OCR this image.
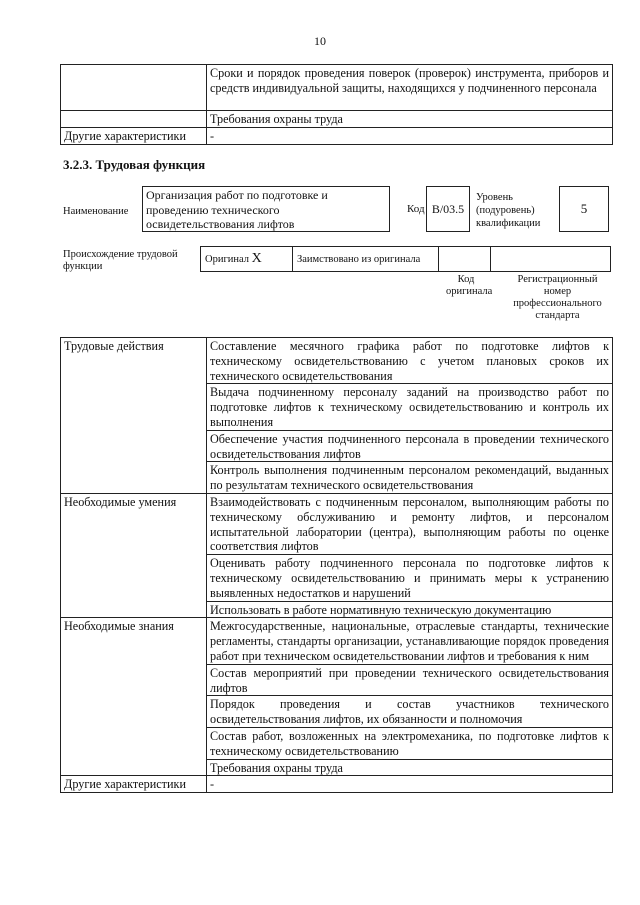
10
	Сроки и порядок проведения поверок (проверок) инструмента, приборов и средств индивидуальной защиты, находящихся у подчиненного персонала
	Требования охраны труда
Другие характеристики	-
3.2.3. Трудовая функция
Наименование
Организация работ по подготовке и проведению технического освидетельствования лифтов
Код В/03.5
Уровень (подуровень) квалификации
5
Происхождение трудовой функции
Оригинал X	Заимствовано из оригинала		
Код оригинала
Регистрационный номер профессионального стандарта
Трудовые действия	Составление месячного графика работ по подготовке лифтов к техническому освидетельствованию с учетом плановых сроков их технического освидетельствования
	Выдача подчиненному персоналу заданий на производство работ по подготовке лифтов к техническому освидетельствованию и контроль их выполнения
	Обеспечение участия подчиненного персонала в проведении технического освидетельствования лифтов
	Контроль выполнения подчиненным персоналом рекомендаций, выданных по результатам технического освидетельствования
Необходимые умения	Взаимодействовать с подчиненным персоналом, выполняющим работы по техническому обслуживанию и ремонту лифтов, и персоналом испытательной лаборатории (центра), выполняющим работы по оценке соответствия лифтов
	Оценивать работу подчиненного персонала по подготовке лифтов к техническому освидетельствованию и принимать меры к устранению выявленных недостатков и нарушений
	Использовать в работе нормативную техническую документацию
Необходимые знания	Межгосударственные, национальные, отраслевые стандарты, технические регламенты, стандарты организации, устанавливающие порядок проведения работ при техническом освидетельствовании лифтов и требования к ним
	Состав мероприятий при проведении технического освидетельствования лифтов
	Порядок проведения и состав участников технического освидетельствования лифтов, их обязанности и полномочия
	Состав работ, возложенных на электромеханика, по подготовке лифтов к техническому освидетельствованию
	Требования охраны труда
Другие характеристики	-
